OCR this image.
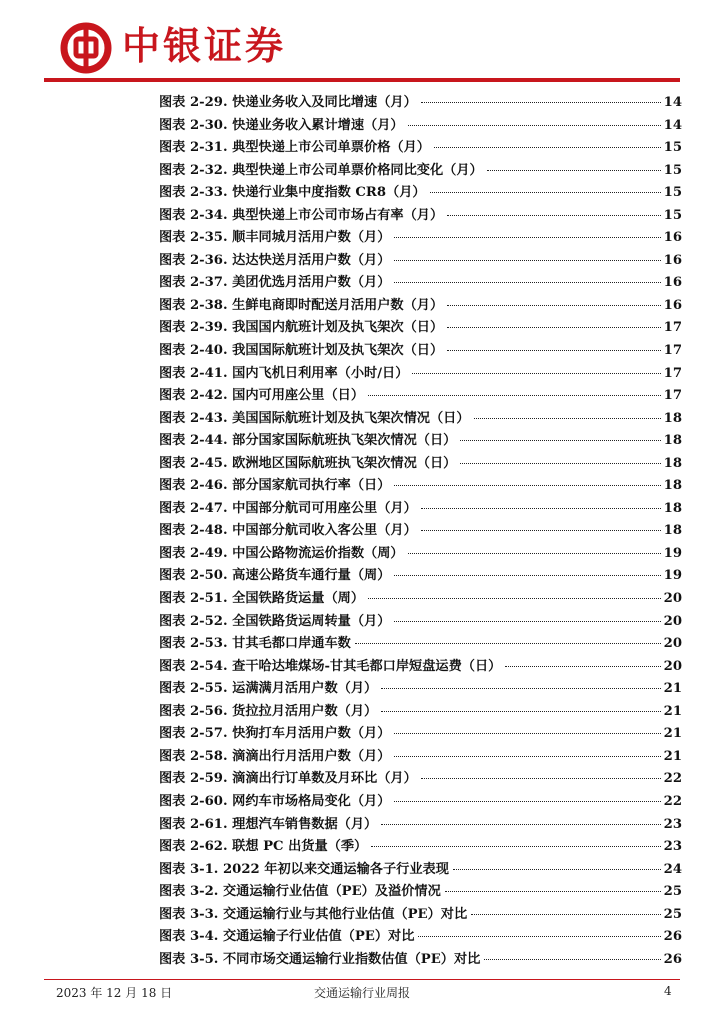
中银证券
图表 2-29. 快递业务收入及同比增速（月）	14
图表 2-30. 快递业务收入累计增速（月）	14
图表 2-31. 典型快递上市公司单票价格（月）	15
图表 2-32. 典型快递上市公司单票价格同比变化（月）	15
图表 2-33. 快递行业集中度指数 CR8（月）	15
图表 2-34. 典型快递上市公司市场占有率（月）	15
图表 2-35. 顺丰同城月活用户数（月）	16
图表 2-36. 达达快送月活用户数（月）	16
图表 2-37. 美团优选月活用户数（月）	16
图表 2-38. 生鲜电商即时配送月活用户数（月）	16
图表 2-39. 我国国内航班计划及执飞架次（日）	17
图表 2-40. 我国国际航班计划及执飞架次（日）	17
图表 2-41. 国内飞机日利用率（小时/日）	17
图表 2-42. 国内可用座公里（日）	17
图表 2-43. 美国国际航班计划及执飞架次情况（日）	18
图表 2-44. 部分国家国际航班执飞架次情况（日）	18
图表 2-45. 欧洲地区国际航班执飞架次情况（日）	18
图表 2-46. 部分国家航司执行率（日）	18
图表 2-47. 中国部分航司可用座公里（月）	18
图表 2-48. 中国部分航司收入客公里（月）	18
图表 2-49. 中国公路物流运价指数（周）	19
图表 2-50. 高速公路货车通行量（周）	19
图表 2-51. 全国铁路货运量（周）	20
图表 2-52. 全国铁路货运周转量（月）	20
图表 2-53. 甘其毛都口岸通车数	20
图表 2-54. 查干哈达堆煤场-甘其毛都口岸短盘运费（日）	20
图表 2-55. 运满满月活用户数（月）	21
图表 2-56. 货拉拉月活用户数（月）	21
图表 2-57. 快狗打车月活用户数（月）	21
图表 2-58. 滴滴出行月活用户数（月）	21
图表 2-59. 滴滴出行订单数及月环比（月）	22
图表 2-60. 网约车市场格局变化（月）	22
图表 2-61. 理想汽车销售数据（月）	23
图表 2-62. 联想 PC 出货量（季）	23
图表 3-1. 2022 年初以来交通运输各子行业表现	24
图表 3-2. 交通运输行业估值（PE）及溢价情况	25
图表 3-3. 交通运输行业与其他行业估值（PE）对比	25
图表 3-4. 交通运输子行业估值（PE）对比	26
图表 3-5. 不同市场交通运输行业指数估值（PE）对比	26
2023 年 12 月 18 日	交通运输行业周报	4
